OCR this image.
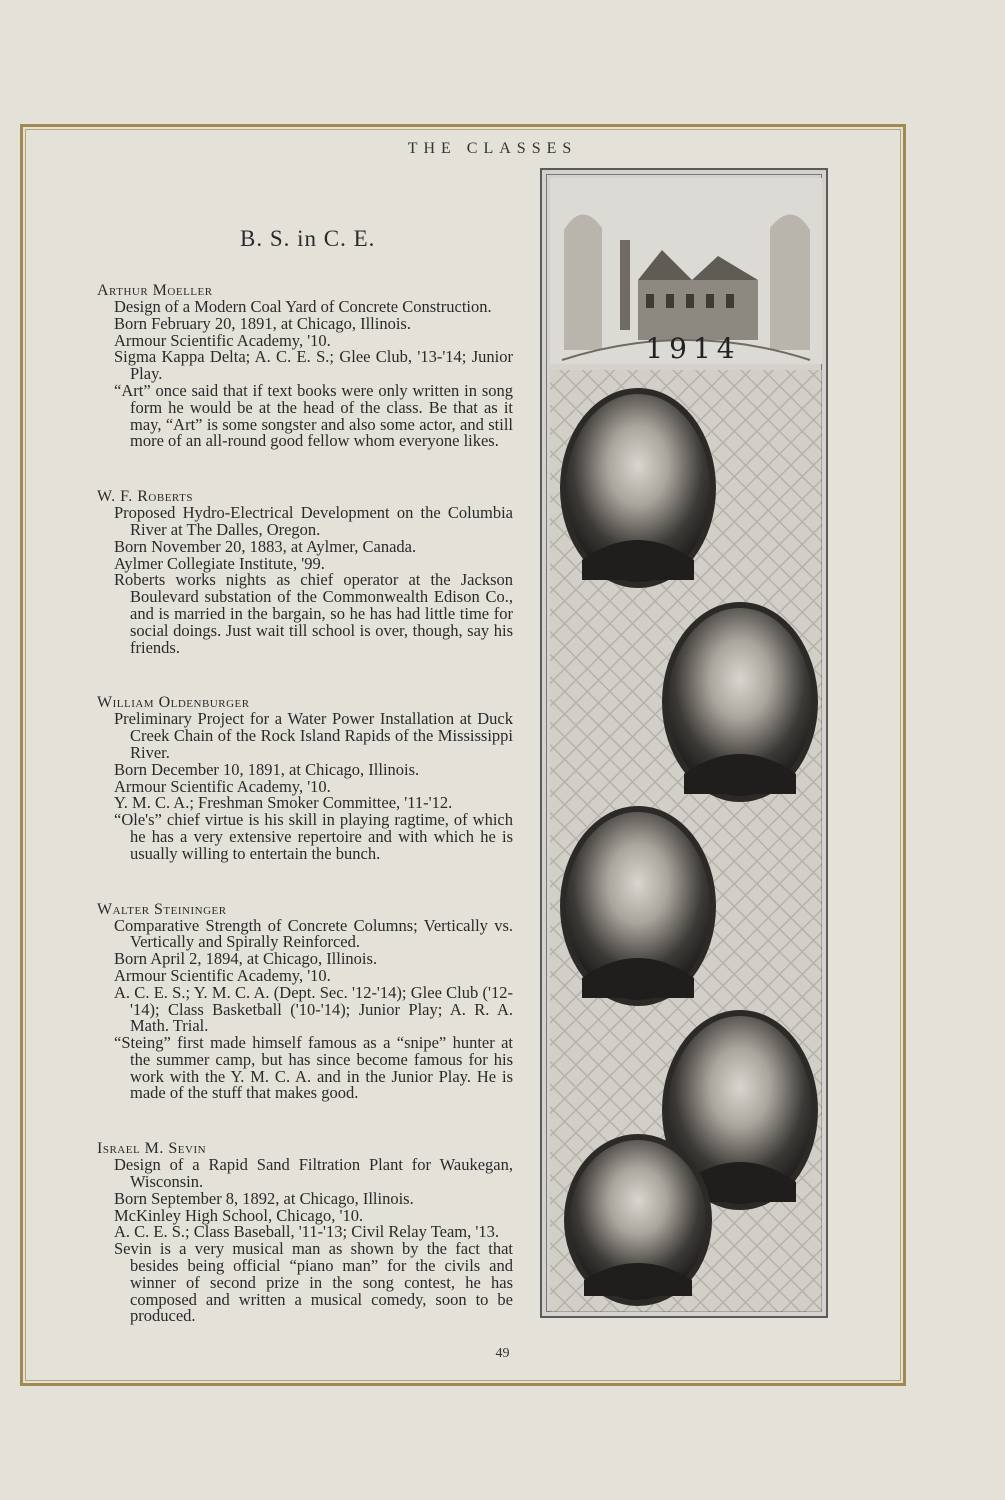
THE CLASSES
B. S. in C. E.
Arthur Moeller

Design of a Modern Coal Yard of Concrete Construction.

Born February 20, 1891, at Chicago, Illinois.

Armour Scientific Academy, '10.

Sigma Kappa Delta; A. C. E. S.; Glee Club, '13-'14; Junior Play.

“Art” once said that if text books were only written in song form he would be at the head of the class. Be that as it may, “Art” is some songster and also some actor, and still more of an all-round good fellow whom everyone likes.

W. F. Roberts

Proposed Hydro-Electrical Development on the Columbia River at The Dalles, Oregon.

Born November 20, 1883, at Aylmer, Canada.

Aylmer Collegiate Institute, '99.

Roberts works nights as chief operator at the Jackson Boulevard substation of the Commonwealth Edison Co., and is married in the bargain, so he has had little time for social doings. Just wait till school is over, though, say his friends.

William Oldenburger

Preliminary Project for a Water Power Installation at Duck Creek Chain of the Rock Island Rapids of the Mississippi River.

Born December 10, 1891, at Chicago, Illinois.

Armour Scientific Academy, '10.

Y. M. C. A.; Freshman Smoker Committee, '11-'12.

“Ole's” chief virtue is his skill in playing ragtime, of which he has a very extensive repertoire and with which he is usually willing to entertain the bunch.

Walter Steininger

Comparative Strength of Concrete Columns; Vertically vs. Vertically and Spirally Reinforced.

Born April 2, 1894, at Chicago, Illinois.

Armour Scientific Academy, '10.

A. C. E. S.; Y. M. C. A. (Dept. Sec. '12-'14); Glee Club ('12-'14); Class Basketball ('10-'14); Junior Play; A. R. A. Math. Trial.

“Steing” first made himself famous as a “snipe” hunter at the summer camp, but has since become famous for his work with the Y. M. C. A. and in the Junior Play. He is made of the stuff that makes good.

Israel M. Sevin

Design of a Rapid Sand Filtration Plant for Waukegan, Wisconsin.

Born September 8, 1892, at Chicago, Illinois.

McKinley High School, Chicago, '10.

A. C. E. S.; Class Baseball, '11-'13; Civil Relay Team, '13.

Sevin is a very musical man as shown by the fact that besides being official “piano man” for the civils and winner of second prize in the song contest, he has composed and written a musical comedy, soon to be produced.

1914
49
